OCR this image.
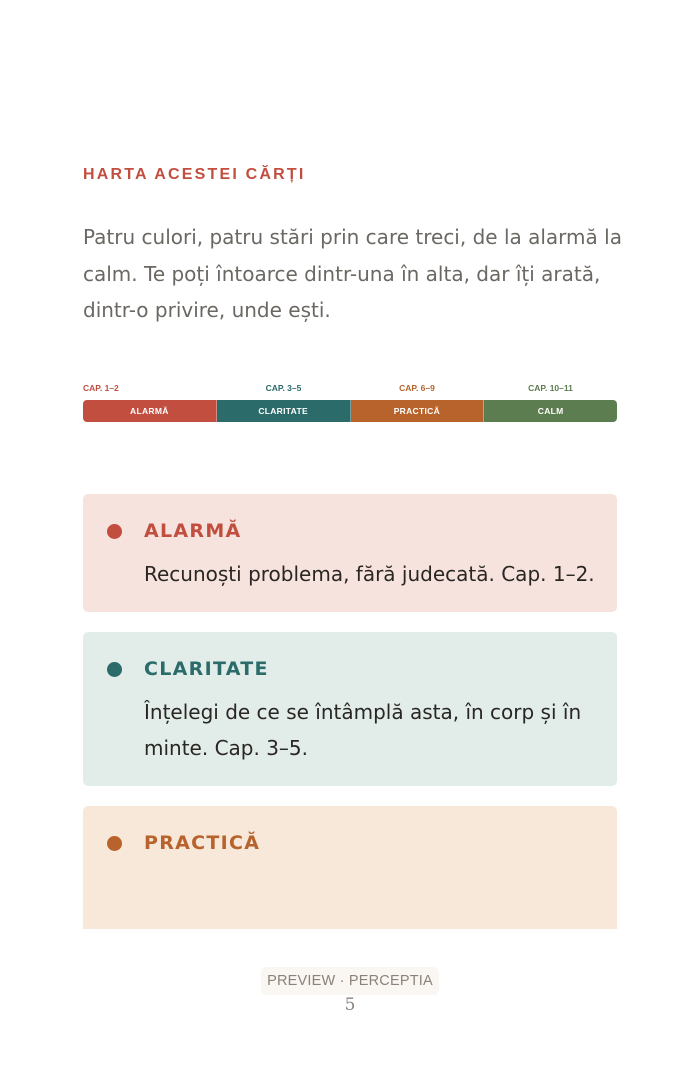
HARTA ACESTEI CĂRȚI

Patru culori, patru stări prin care treci, de la alarmă la calm. Te poți întoarce dintr-una în alta, dar îți arată, dintr-o privire, unde ești.

CAP. 1–2	CAP. 3–5	CAP. 6–9	CAP. 10–11
ALARMĂ	CLARITATE	PRACTICĂ	CALM
ALARMĂ
Recunoști problema, fără judecată. Cap. 1–2.
CLARITATE
Înțelegi de ce se întâmplă asta, în corp și în minte. Cap. 3–5.
PRACTICĂ
PREVIEW · PERCEPTIA
5
